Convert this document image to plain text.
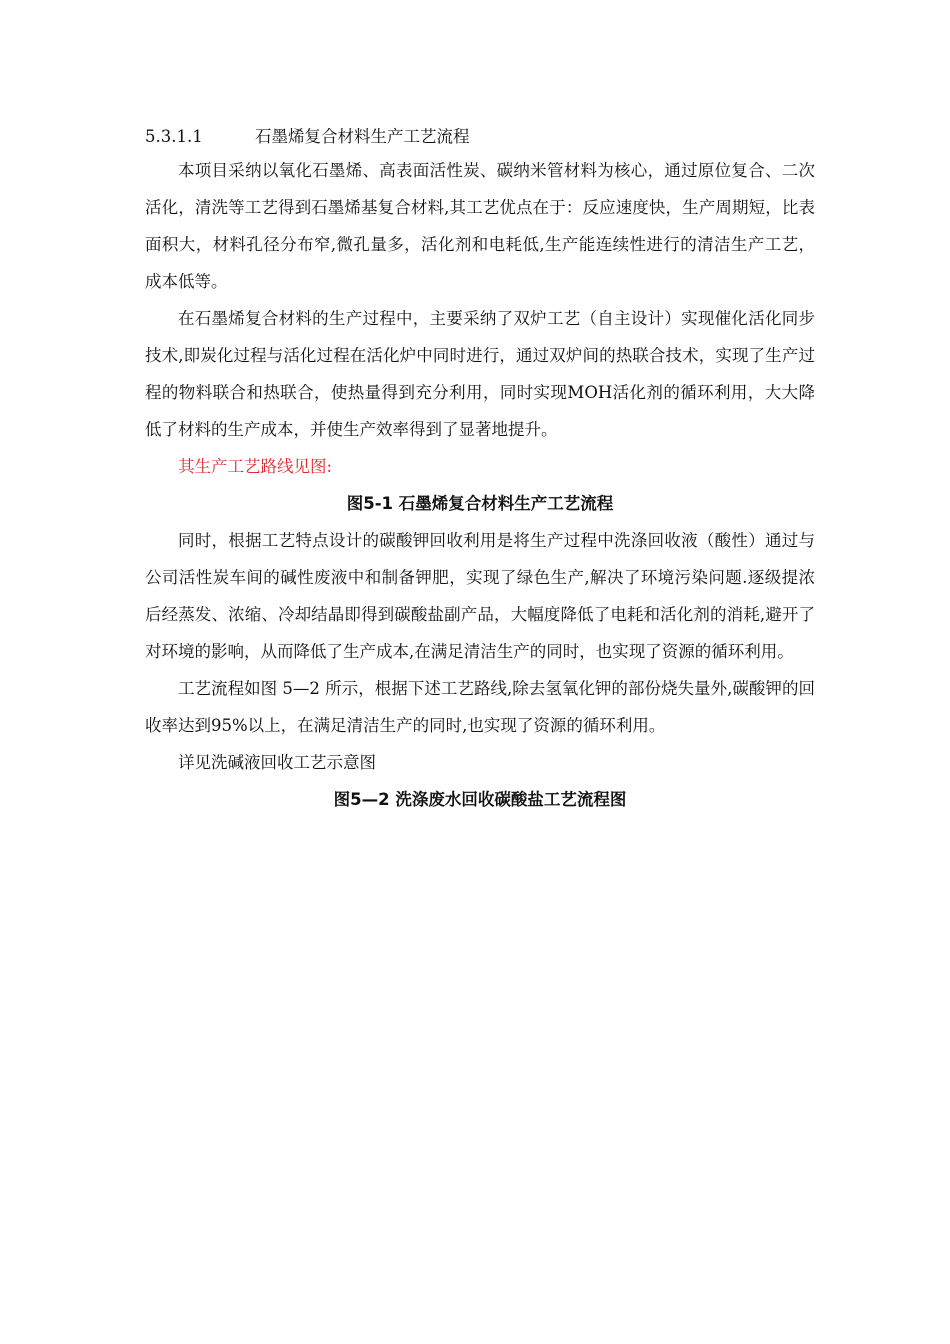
5.3.1.1	石墨烯复合材料生产工艺流程

本项目采纳以氧化石墨烯、高表面活性炭、碳纳米管材料为核心，通过原位复合、二次活化，清洗等工艺得到石墨烯基复合材料,其工艺优点在于：反应速度快，生产周期短，比表面积大，材料孔径分布窄,微孔量多，活化剂和电耗低,生产能连续性进行的清洁生产工艺，成本低等。

在石墨烯复合材料的生产过程中，主要采纳了双炉工艺（自主设计）实现催化活化同步技术,即炭化过程与活化过程在活化炉中同时进行，通过双炉间的热联合技术，实现了生产过程的物料联合和热联合，使热量得到充分利用，同时实现MOH活化剂的循环利用，大大降低了材料的生产成本，并使生产效率得到了显著地提升。

其生产工艺路线见图:

图5-1 石墨烯复合材料生产工艺流程

同时，根据工艺特点设计的碳酸钾回收利用是将生产过程中洗涤回收液（酸性）通过与公司活性炭车间的碱性废液中和制备钾肥，实现了绿色生产,解决了环境污染问题.逐级提浓后经蒸发、浓缩、冷却结晶即得到碳酸盐副产品，大幅度降低了电耗和活化剂的消耗,避开了对环境的影响，从而降低了生产成本,在满足清洁生产的同时，也实现了资源的循环利用。

工艺流程如图 5—2 所示，根据下述工艺路线,除去氢氧化钾的部份烧失量外,碳酸钾的回收率达到95%以上，在满足清洁生产的同时,也实现了资源的循环利用。

详见洗碱液回收工艺示意图

图5—2 洗涤废水回收碳酸盐工艺流程图
